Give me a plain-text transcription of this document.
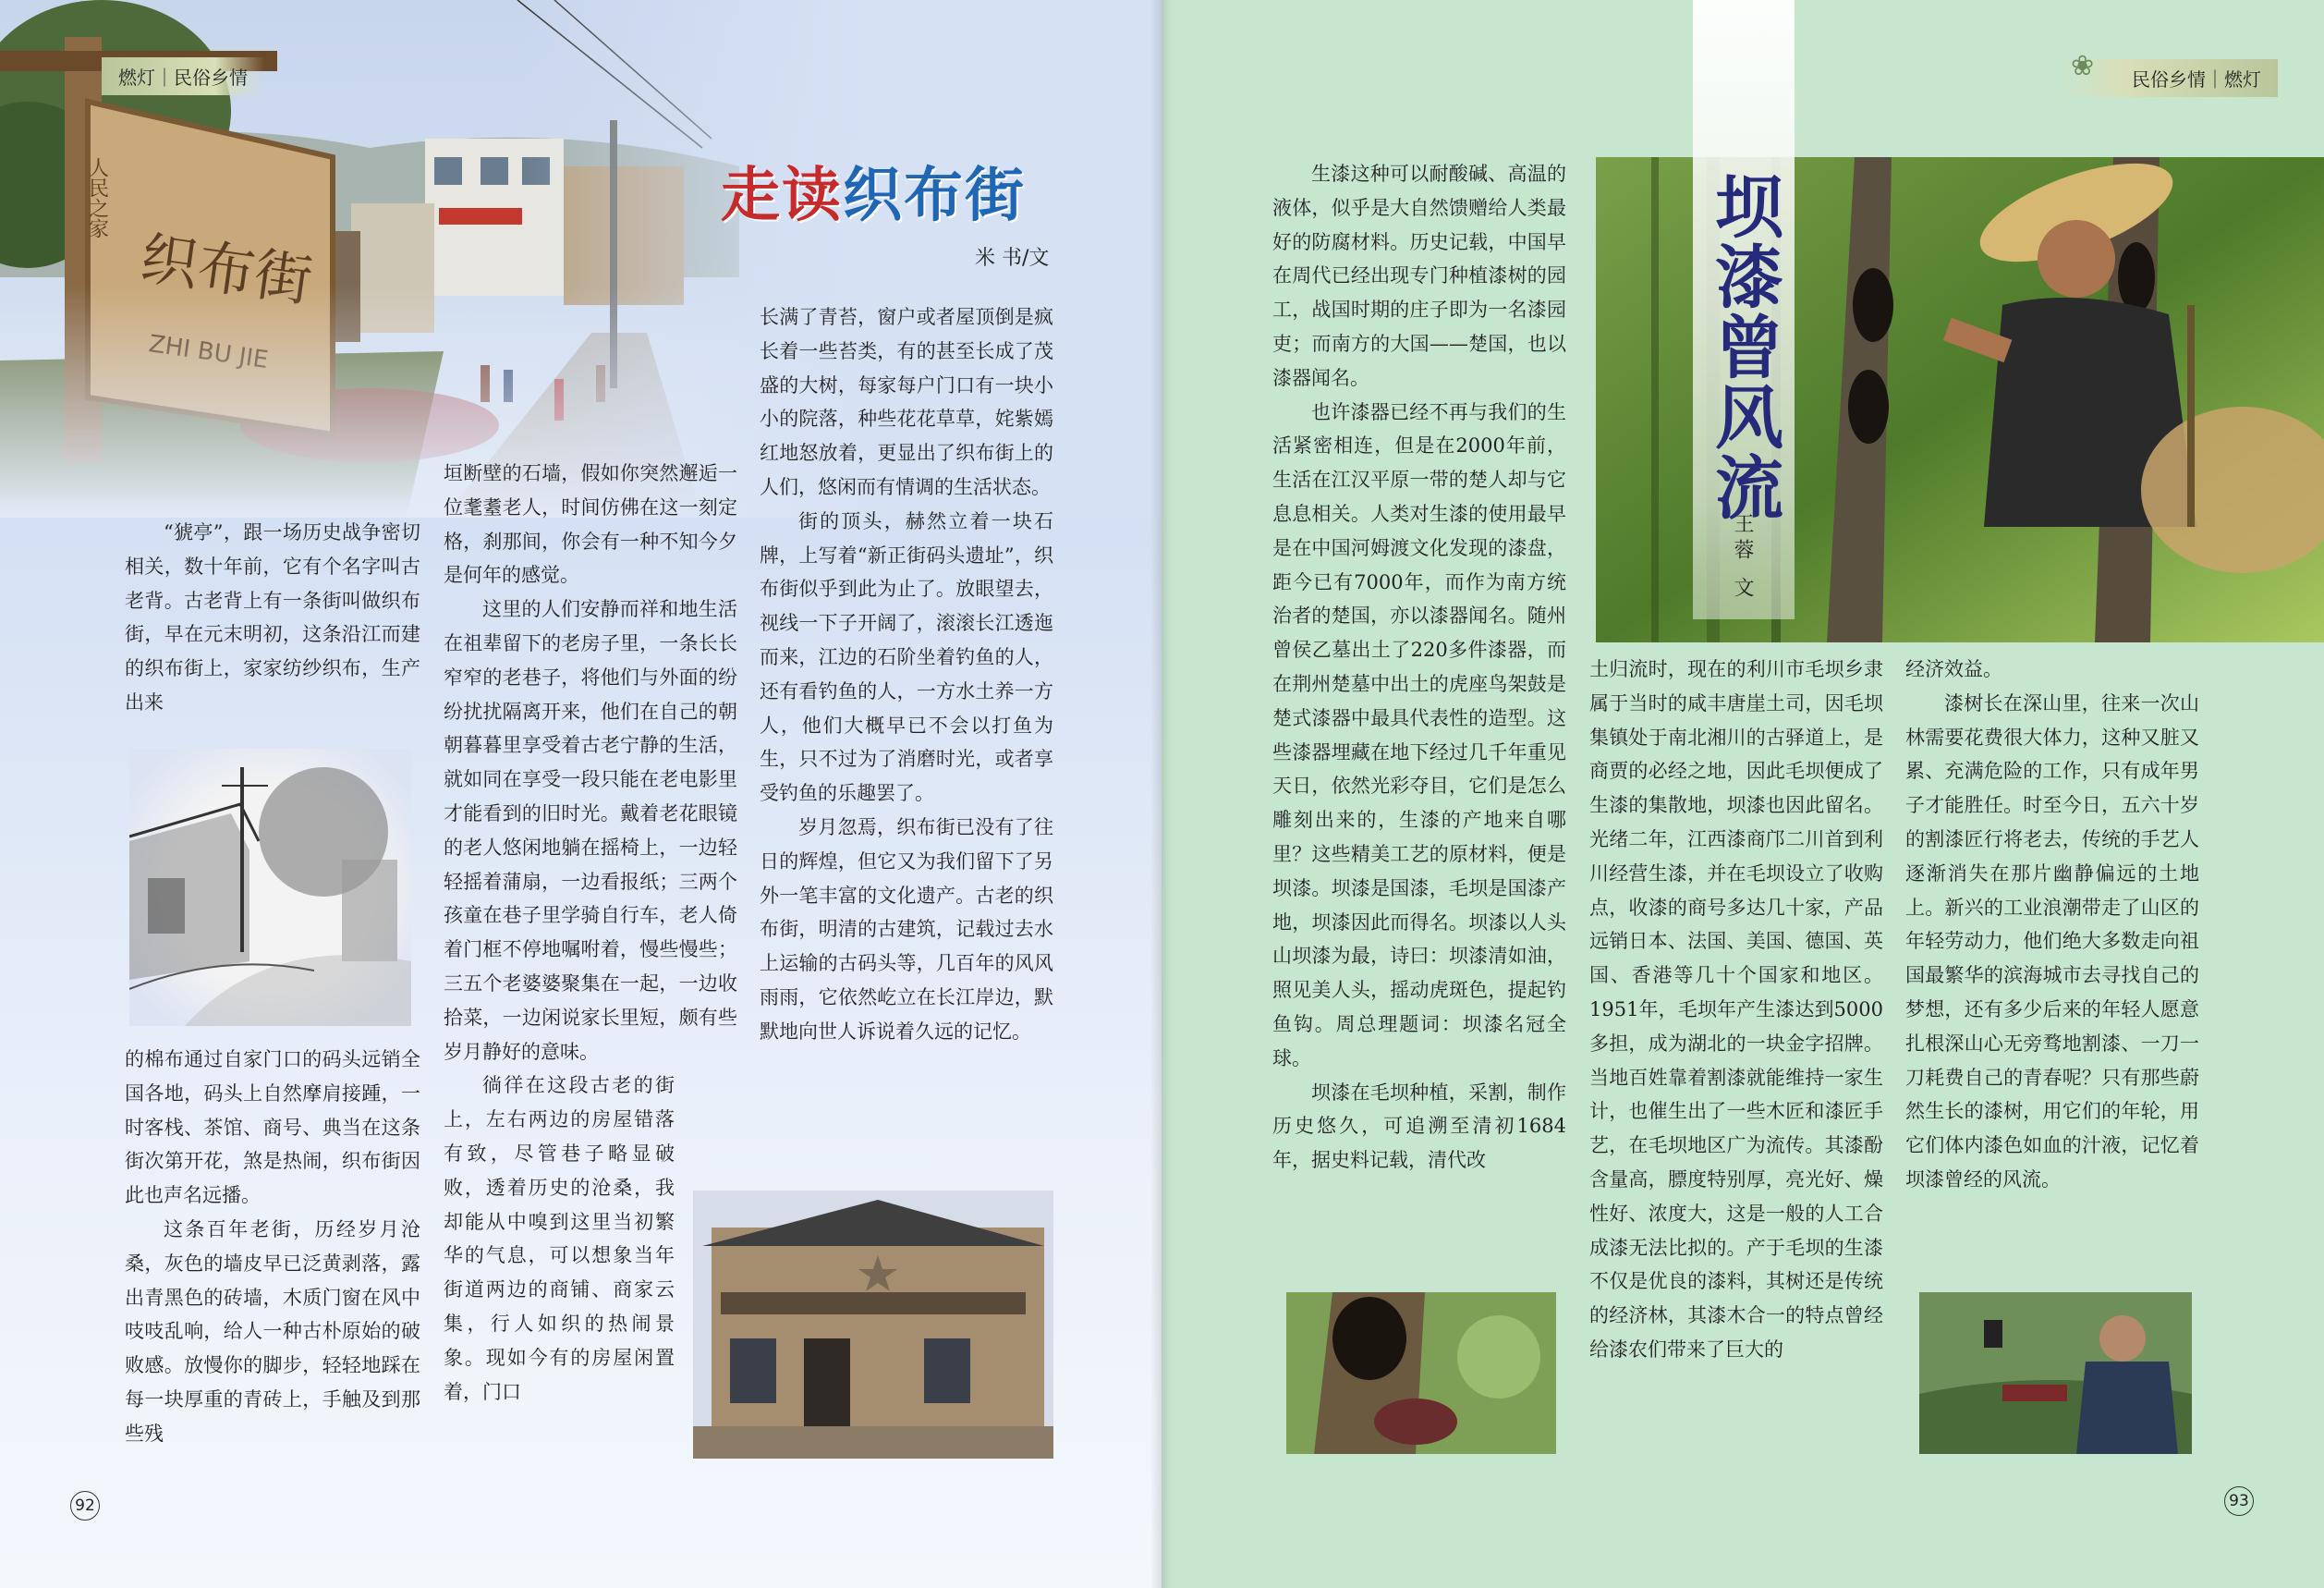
燃灯｜民俗乡情
走读织布街
米 书/文

“猇亭”，跟一场历史战争密切相关，数十年前，它有个名字叫古老背。古老背上有一条街叫做织布街，早在元末明初，这条沿江而建的织布街上，家家纺纱织布，生产出来

的棉布通过自家门口的码头远销全国各地，码头上自然摩肩接踵，一时客栈、茶馆、商号、典当在这条街次第开花，煞是热闹，织布街因此也声名远播。

这条百年老街，历经岁月沧桑，灰色的墙皮早已泛黄剥落，露出青黑色的砖墙，木质门窗在风中吱吱乱响，给人一种古朴原始的破败感。放慢你的脚步，轻轻地踩在每一块厚重的青砖上，手触及到那些残

垣断壁的石墙，假如你突然邂逅一位耄耋老人，时间仿佛在这一刻定格，刹那间，你会有一种不知今夕是何年的感觉。

这里的人们安静而祥和地生活在祖辈留下的老房子里，一条长长窄窄的老巷子，将他们与外面的纷纷扰扰隔离开来，他们在自己的朝朝暮暮里享受着古老宁静的生活，就如同在享受一段只能在老电影里才能看到的旧时光。戴着老花眼镜的老人悠闲地躺在摇椅上，一边轻轻摇着蒲扇，一边看报纸；三两个孩童在巷子里学骑自行车，老人倚着门框不停地嘱咐着，慢些慢些；三五个老婆婆聚集在一起，一边收拾菜，一边闲说家长里短，颇有些岁月静好的意味。

徜徉在这段古老的街上，左右两边的房屋错落有致，尽管巷子略显破败，透着历史的沧桑，我却能从中嗅到这里当初繁华的气息，可以想象当年街道两边的商铺、商家云集，行人如织的热闹景象。现如今有的房屋闲置着，门口

长满了青苔，窗户或者屋顶倒是疯长着一些苔类，有的甚至长成了茂盛的大树，每家每户门口有一块小小的院落，种些花花草草，姹紫嫣红地怒放着，更显出了织布街上的人们，悠闲而有情调的生活状态。

街的顶头，赫然立着一块石牌，上写着“新正街码头遗址”，织布街似乎到此为止了。放眼望去，视线一下子开阔了，滚滚长江透迤而来，江边的石阶坐着钓鱼的人，还有看钓鱼的人，一方水土养一方人，他们大概早已不会以打鱼为生，只不过为了消磨时光，或者享受钓鱼的乐趣罢了。

岁月忽焉，织布街已没有了往日的辉煌，但它又为我们留下了另外一笔丰富的文化遗产。古老的织布街，明清的古建筑，记载过去水上运输的古码头等，几百年的风风雨雨，它依然屹立在长江岸边，默默地向世人诉说着久远的记忆。

92
❀ 民俗乡情｜燃灯
坝漆曾风流
王蓉 文

生漆这种可以耐酸碱、高温的液体，似乎是大自然馈赠给人类最好的防腐材料。历史记载，中国早在周代已经出现专门种植漆树的园工，战国时期的庄子即为一名漆园吏；而南方的大国——楚国，也以漆器闻名。

也许漆器已经不再与我们的生活紧密相连，但是在2000年前，生活在江汉平原一带的楚人却与它息息相关。人类对生漆的使用最早是在中国河姆渡文化发现的漆盘，距今已有7000年，而作为南方统治者的楚国，亦以漆器闻名。随州曾侯乙墓出土了220多件漆器，而在荆州楚墓中出土的虎座鸟架鼓是楚式漆器中最具代表性的造型。这些漆器埋藏在地下经过几千年重见天日，依然光彩夺目，它们是怎么雕刻出来的，生漆的产地来自哪里？这些精美工艺的原材料，便是坝漆。坝漆是国漆，毛坝是国漆产地，坝漆因此而得名。坝漆以人头山坝漆为最，诗曰：坝漆清如油，照见美人头，摇动虎斑色，提起钓鱼钩。周总理题词：坝漆名冠全球。

坝漆在毛坝种植，采割，制作历史悠久，可追溯至清初1684年，据史料记载，清代改

土归流时，现在的利川市毛坝乡隶属于当时的咸丰唐崖土司，因毛坝集镇处于南北湘川的古驿道上，是商贾的必经之地，因此毛坝便成了生漆的集散地，坝漆也因此留名。光绪二年，江西漆商邝二川首到利川经营生漆，并在毛坝设立了收购点，收漆的商号多达几十家，产品远销日本、法国、美国、德国、英国、香港等几十个国家和地区。1951年，毛坝年产生漆达到5000多担，成为湖北的一块金字招牌。当地百姓靠着割漆就能维持一家生计，也催生出了一些木匠和漆匠手艺，在毛坝地区广为流传。其漆酚含量高，膘度特别厚，亮光好、燥性好、浓度大，这是一般的人工合成漆无法比拟的。产于毛坝的生漆不仅是优良的漆料，其树还是传统的经济林，其漆木合一的特点曾经给漆农们带来了巨大的

经济效益。

漆树长在深山里，往来一次山林需要花费很大体力，这种又脏又累、充满危险的工作，只有成年男子才能胜任。时至今日，五六十岁的割漆匠行将老去，传统的手艺人逐渐消失在那片幽静偏远的土地上。新兴的工业浪潮带走了山区的年轻劳动力，他们绝大多数走向祖国最繁华的滨海城市去寻找自己的梦想，还有多少后来的年轻人愿意扎根深山心无旁骛地割漆、一刀一刀耗费自己的青春呢？只有那些蔚然生长的漆树，用它们的年轮，用它们体内漆色如血的汁液，记忆着坝漆曾经的风流。

93
